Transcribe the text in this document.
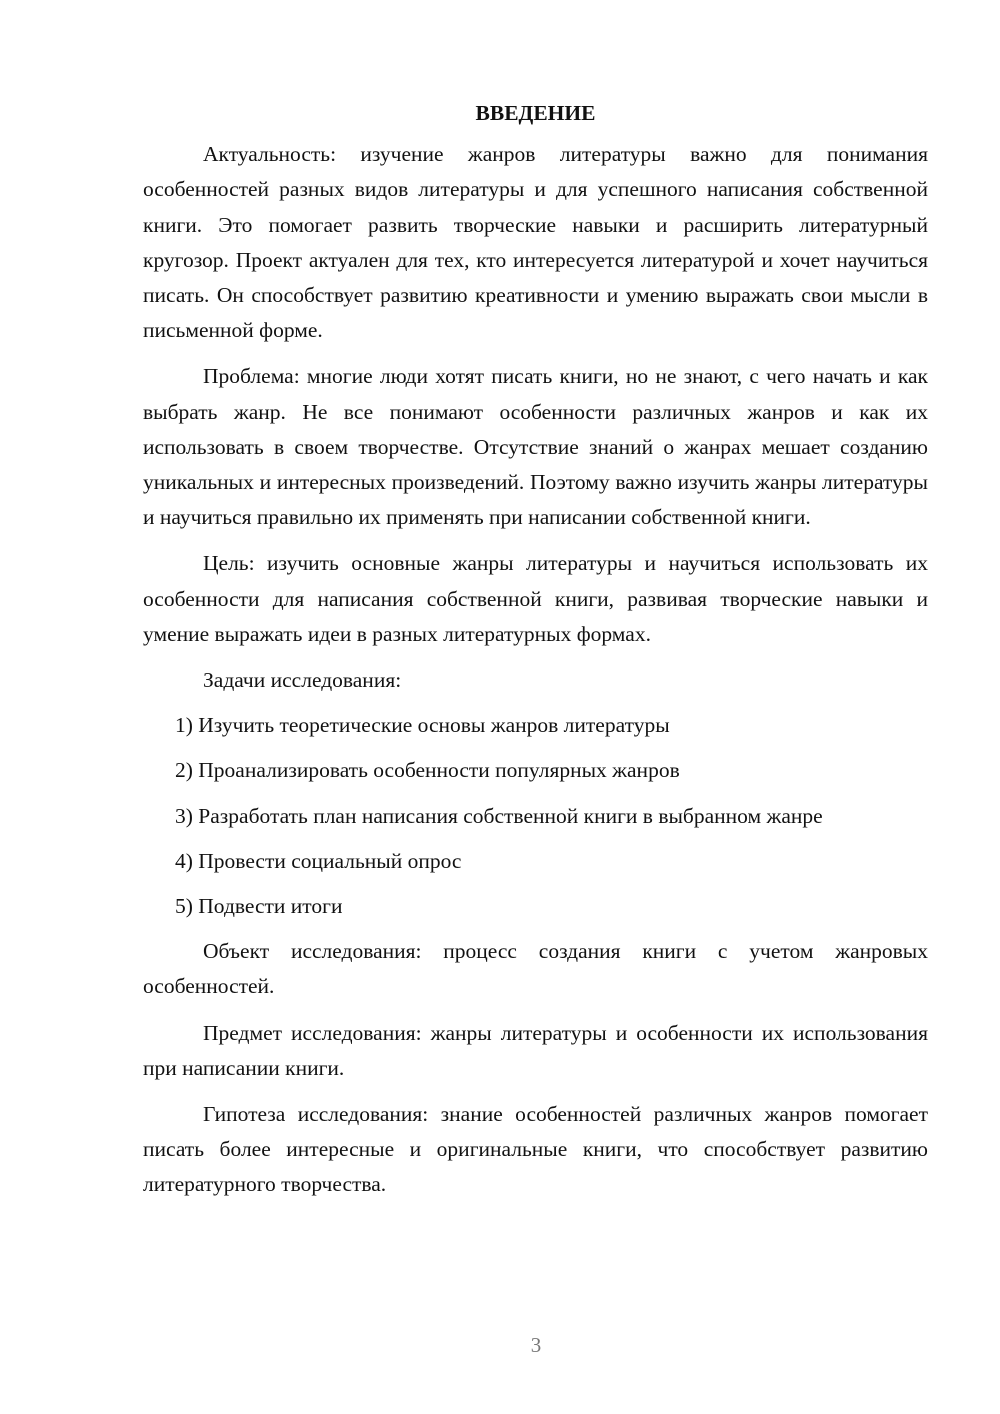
ВВЕДЕНИЕ

Актуальность: изучение жанров литературы важно для понимания особенностей разных видов литературы и для успешного написания собственной книги. Это помогает развить творческие навыки и расширить литературный кругозор. Проект актуален для тех, кто интересуется литературой и хочет научиться писать. Он способствует развитию креативности и умению выражать свои мысли в письменной форме.

Проблема: многие люди хотят писать книги, но не знают, с чего начать и как выбрать жанр. Не все понимают особенности различных жанров и как их использовать в своем творчестве. Отсутствие знаний о жанрах мешает созданию уникальных и интересных произведений. Поэтому важно изучить жанры литературы и научиться правильно их применять при написании собственной книги.

Цель: изучить основные жанры литературы и научиться использовать их особенности для написания собственной книги, развивая творческие навыки и умение выражать идеи в разных литературных формах.

Задачи исследования:

1) Изучить теоретические основы жанров литературы
2) Проанализировать особенности популярных жанров
3) Разработать план написания собственной книги в выбранном жанре
4) Провести социальный опрос
5) Подвести итоги

Объект исследования: процесс создания книги с учетом жанровых особенностей.

Предмет исследования: жанры литературы и особенности их использования при написании книги.

Гипотеза исследования: знание особенностей различных жанров помогает писать более интересные и оригинальные книги, что способствует развитию литературного творчества.

3
